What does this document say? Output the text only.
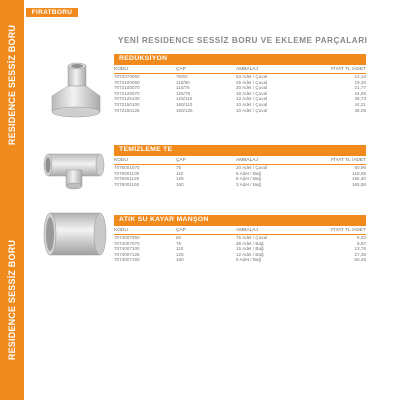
RESIDENCE SESSİZ BORU
RESIDENCE SESSİZ BORU
FIRATBORU
YENİ RESIDENCE SESSİZ BORU VE EKLEME PARÇALARI
REDÜKSİYON
KODU	ÇAP	AMBALAJ	FİYAT TL /ADET
7072070050	75/50	63 Adet / Çuval	12,10
7072100050	110/50	25 Adet / Çuval	19,30
7072100070	110/75	20 Adet / Çuval	21,77
7072125070	125/75	18 Adet / Çuval	24,06
7072125100	125/110	13 Adet / Çuval	36,73
7072150100	160/110	10 Adet / Çuval	44,21
7072150125	160/125	10 Adet / Çuval	48,09
TEMİZLEME TE
KODU	ÇAP	AMBALAJ	FİYAT TL /ADET
7076001070	75	20 Adet / Çuval	50,96
7076001100	110	5 Adet / Bağ	118,08
7076001125	125	5 Adet / Bağ	156,40
7076001150	160	3 Adet / Bağ	165,58
ATIK SU KAYAR MANŞON
KODU	ÇAP	AMBALAJ	FİYAT TL /ADET
7074007050	50	75 Adet / Çuval	5,03
7074007070	75	38 Adet / Bağ	8,87
7074007100	110	15 Adet / Bağ	13,76
7074007125	125	12 Adet / Bağ	27,35
7074007150	160	6 Adet / Bağ	50,45
